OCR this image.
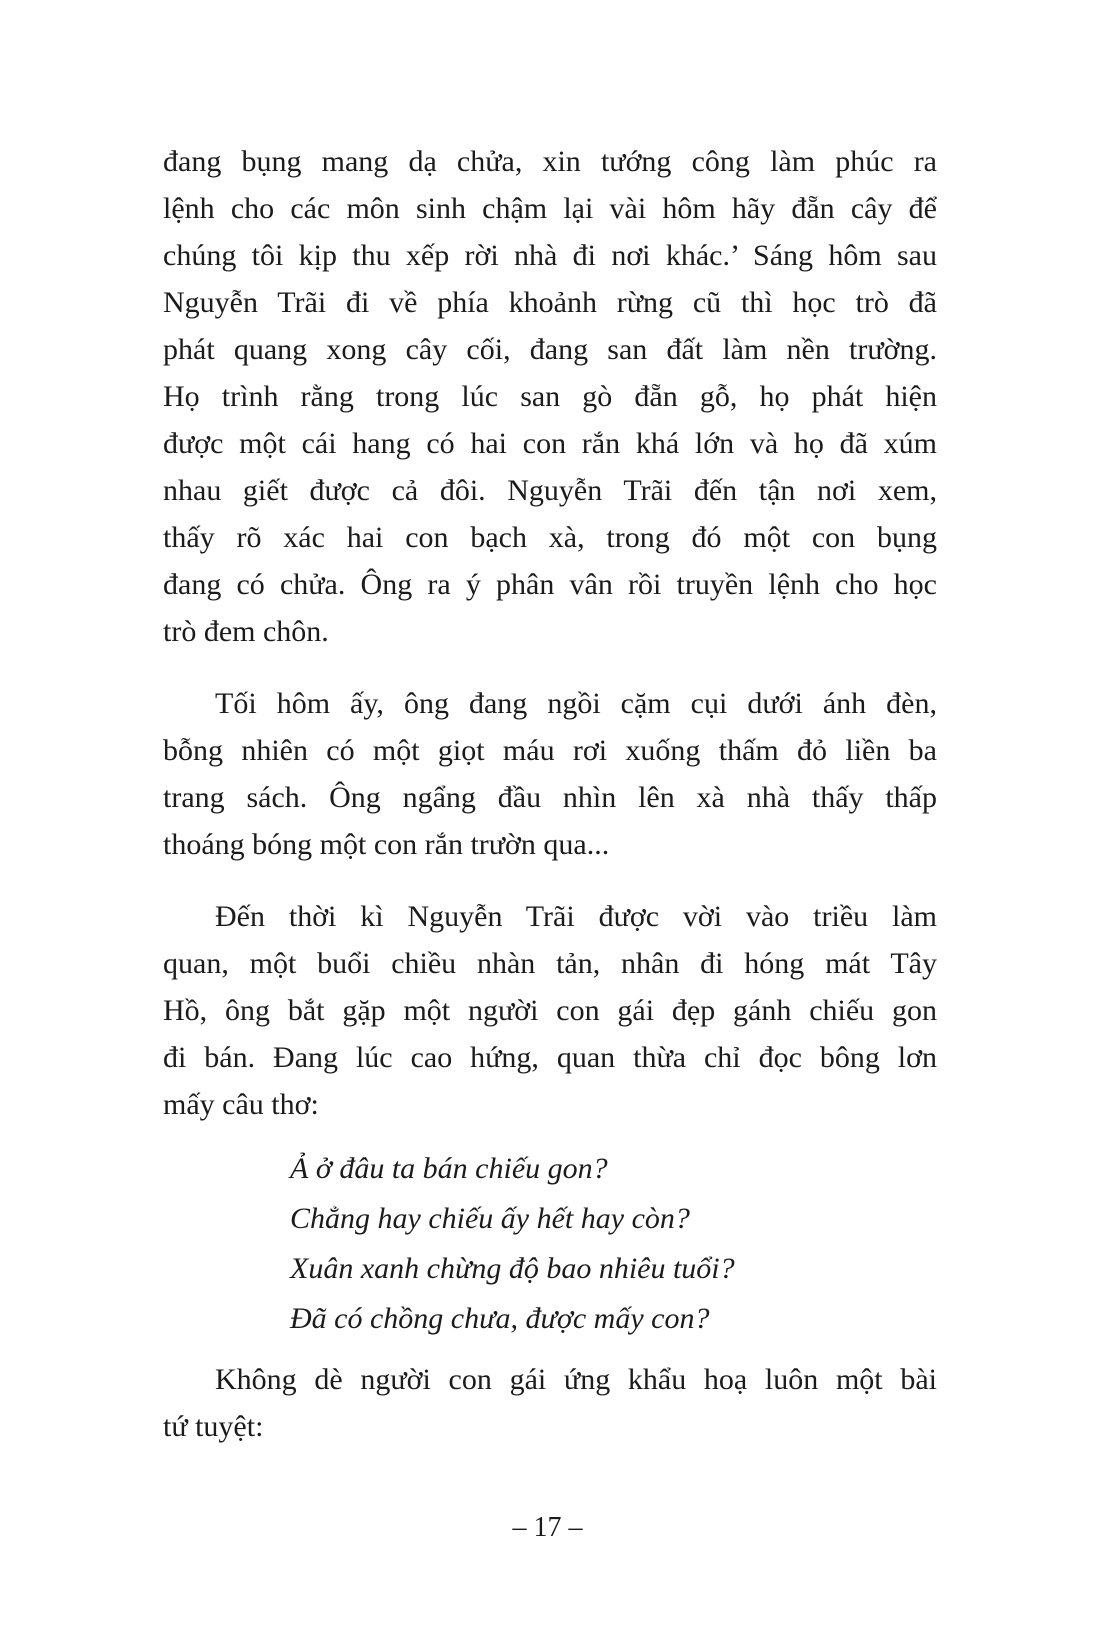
đang bụng mang dạ chửa, xin tướng công làm phúc ra
lệnh cho các môn sinh chậm lại vài hôm hãy đẵn cây để
chúng tôi kịp thu xếp rời nhà đi nơi khác.’ Sáng hôm sau
Nguyễn Trãi đi về phía khoảnh rừng cũ thì học trò đã
phát quang xong cây cối, đang san đất làm nền trường.
Họ trình rằng trong lúc san gò đẵn gỗ, họ phát hiện
được một cái hang có hai con rắn khá lớn và họ đã xúm
nhau giết được cả đôi. Nguyễn Trãi đến tận nơi xem,
thấy rõ xác hai con bạch xà, trong đó một con bụng
đang có chửa. Ông ra ý phân vân rồi truyền lệnh cho học
trò đem chôn.
Tối hôm ấy, ông đang ngồi cặm cụi dưới ánh đèn,
bỗng nhiên có một giọt máu rơi xuống thấm đỏ liền ba
trang sách. Ông ngẩng đầu nhìn lên xà nhà thấy thấp
thoáng bóng một con rắn trườn qua...
Đến thời kì Nguyễn Trãi được vời vào triều làm
quan, một buổi chiều nhàn tản, nhân đi hóng mát Tây
Hồ, ông bắt gặp một người con gái đẹp gánh chiếu gon
đi bán. Đang lúc cao hứng, quan thừa chỉ đọc bông lơn
mấy câu thơ:
Ả ở đâu ta bán chiếu gon?
Chẳng hay chiếu ấy hết hay còn?
Xuân xanh chừng độ bao nhiêu tuổi?
Đã có chồng chưa, được mấy con?
Không dè người con gái ứng khẩu hoạ luôn một bài
tứ tuyệt:
– 17 –
